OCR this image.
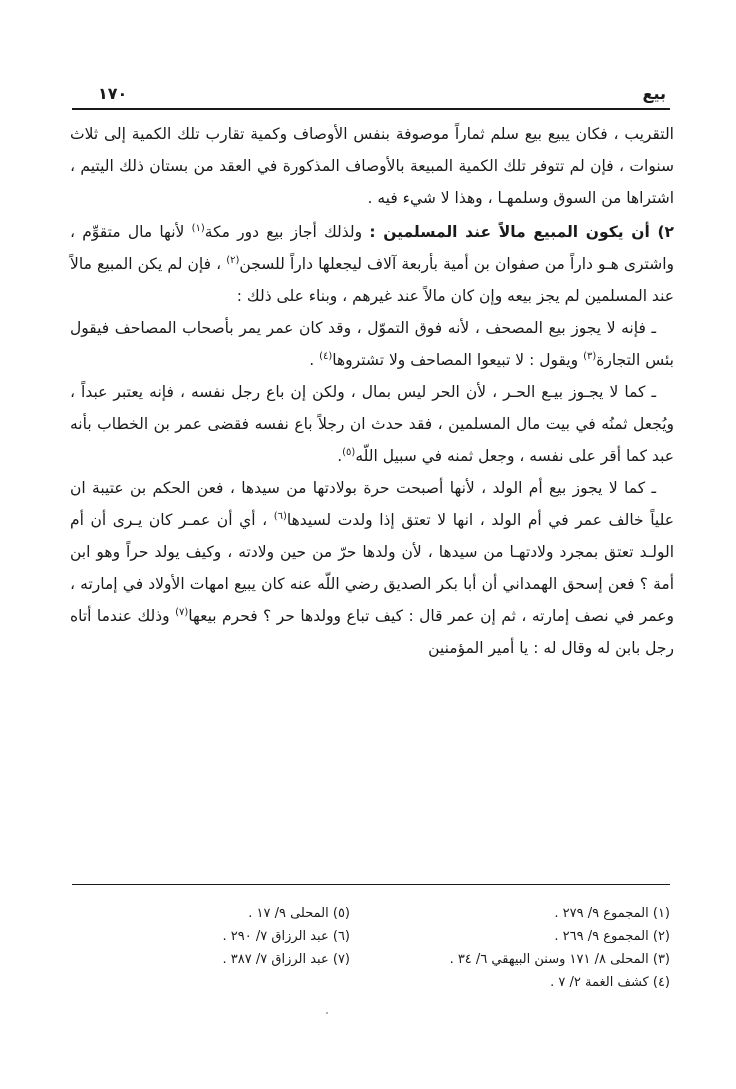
بيع
١٧٠

التقريب ، فكان يبيع بيع سلم ثماراً موصوفة بنفس الأوصاف وكمية تقارب تلك الكمية إلى ثلاث سنوات ، فإن لم تتوفر تلك الكمية المبيعة بالأوصاف المذكورة في العقد من بستان ذلك اليتيم ، اشتراها من السوق وسلمهـا ، وهذا لا شيء فيه .

٢) أن يكون المبيع مالاً عند المسلمين : ولذلك أجاز بيع دور مكة$^{(١)}$ لأنها مال متقوِّم ، واشترى هـو داراً من صفوان بن أمية بأربعة آلاف ليجعلها داراً للسجن$^{(٢)}$ ، فإن لم يكن المبيع مالاً عند المسلمين لم يجز بيعه وإن كان مالاً عند غيرهم ، وبناء على ذلك :

ـ فإنه لا يجوز بيع المصحف ، لأنه فوق التموّل ، وقد كان عمر يمر بأصحاب المصاحف فيقول بئس التجارة$^{(٣)}$ ويقول : لا تبيعوا المصاحف ولا تشتروها$^{(٤)}$ .

ـ كما لا يجـوز بيـع الحـر ، لأن الحر ليس بمال ، ولكن إن باع رجل نفسه ، فإنه يعتبر عبداً ، ويُجعل ثمنُه في بيت مال المسلمين ، فقد حدث ان رجلاً باع نفسه فقضى عمر بن الخطاب بأنه عبد كما أقر على نفسه ، وجعل ثمنه في سبيل اللّه$^{(٥)}$.

ـ كما لا يجوز بيع أم الولد ، لأنها أصبحت حرة بولادتها من سيدها ، فعن الحكم بن عتيبة ان علياً خالف عمر في أم الولد ، انها لا تعتق إذا ولدت لسيدها$^{(٦)}$ ، أي أن عمـر كان يـرى أن أم الولـد تعتق بمجرد ولادتهـا من سيدها ، لأن ولدها حرّ من حين ولادته ، وكيف يولد حراً وهو ابن أمة ؟ فعن إسحق الهمداني أن أبا بكر الصديق رضي اللّه عنه كان يبيع امهات الأولاد في إمارته ، وعمر في نصف إمارته ، ثم إن عمر قال : كيف تباع وولدها حر ؟ فحرم بيعها$^{(٧)}$ وذلك عندما أتاه رجل بابن له وقال له : يا أمير المؤمنين

(١) المجموع ٩/ ٢٧٩ .
(٢) المجموع ٩/ ٢٦٩ .
(٣) المحلى ٨/ ١٧١ وسنن البيهقي ٦/ ٣٤ .
(٤) كشف الغمة ٢/ ٧ .
(٥) المحلى ٩/ ١٧ .
(٦) عبد الرزاق ٧/ ٢٩٠ .
(٧) عبد الرزاق ٧/ ٣٨٧ .
